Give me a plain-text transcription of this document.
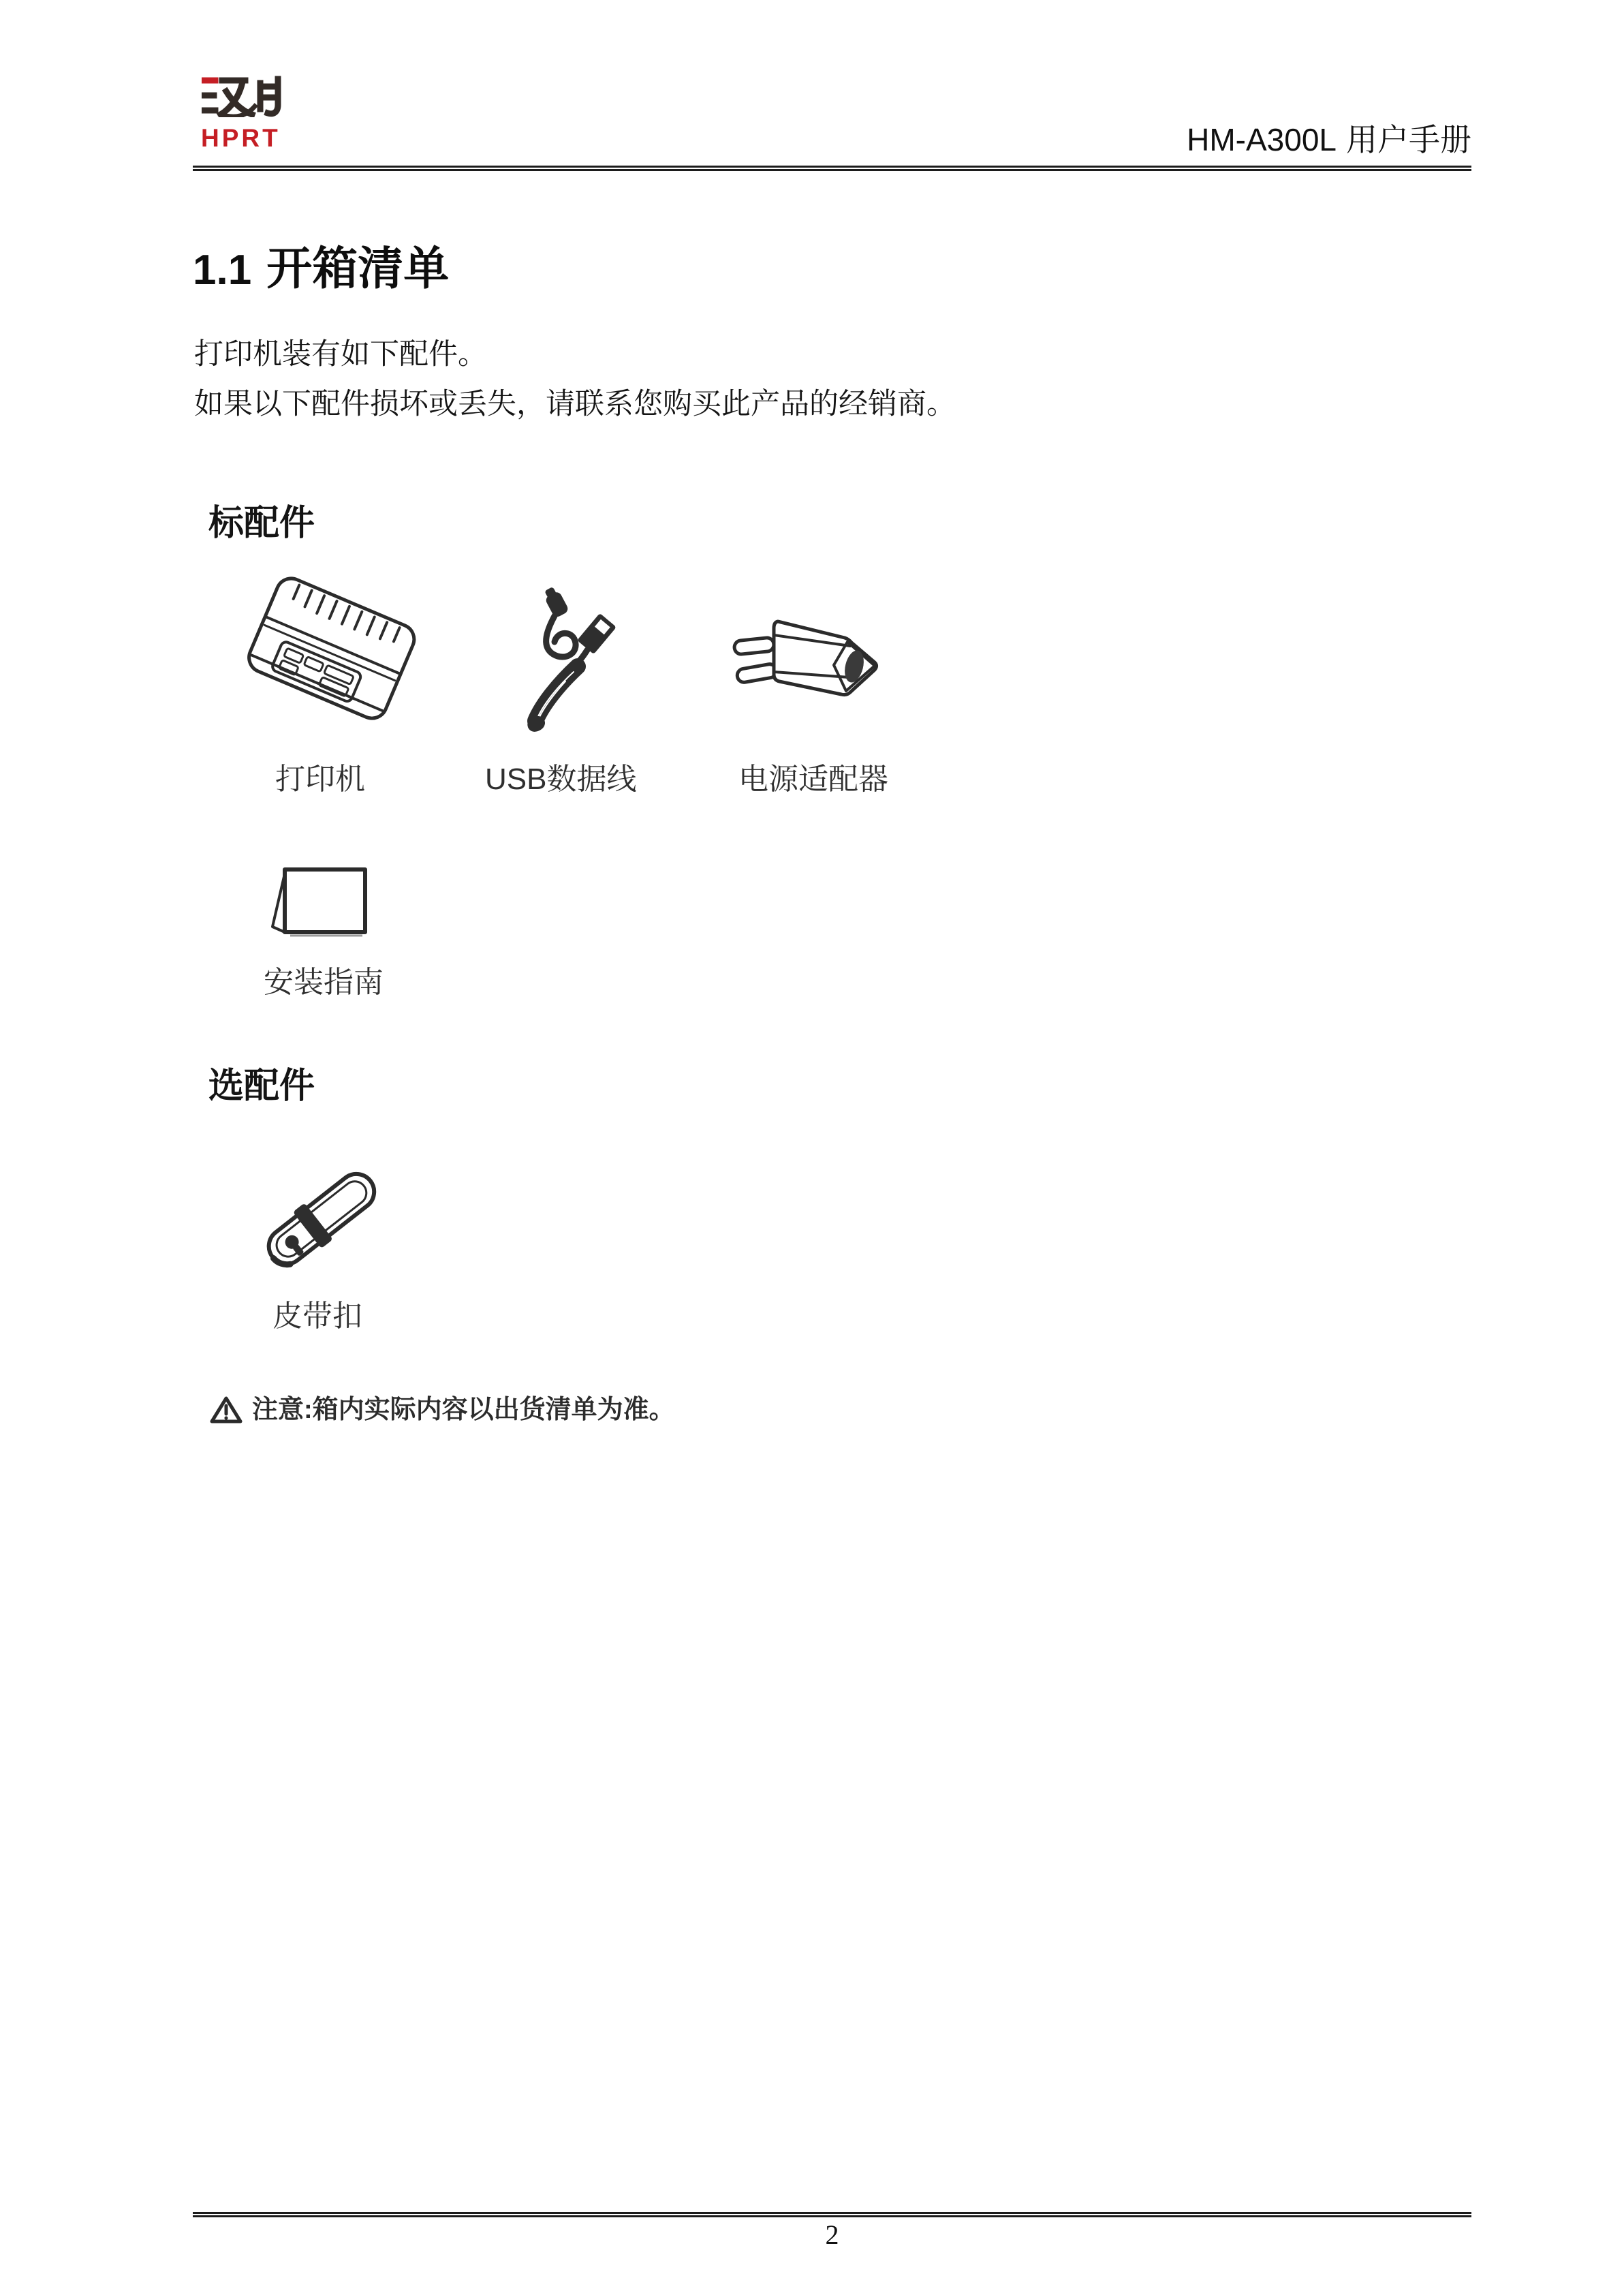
HPRT	HM-A300L 用户手册
1.1 开箱清单
打印机装有如下配件。
如果以下配件损坏或丢失，请联系您购买此产品的经销商。
标配件
打印机	USB数据线	电源适配器
安装指南
选配件
皮带扣
注意:箱内实际内容以出货清单为准。
2
